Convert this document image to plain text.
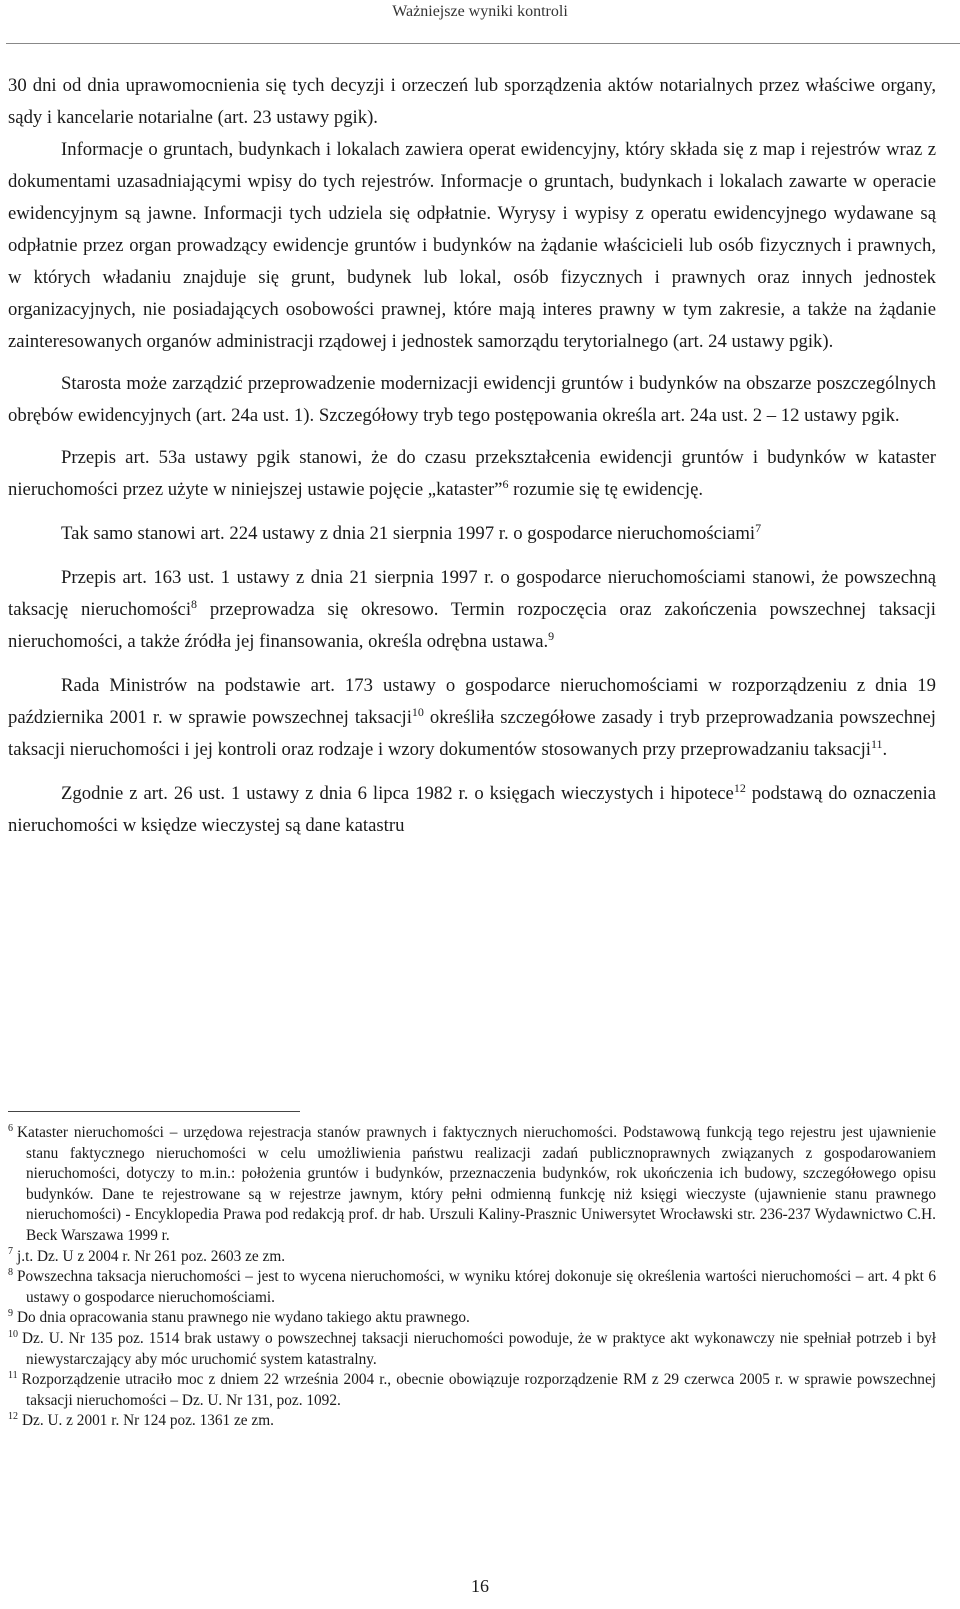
Ważniejsze wyniki kontroli

30 dni od dnia uprawomocnienia się tych decyzji i orzeczeń lub sporządzenia aktów notarialnych przez właściwe organy, sądy i kancelarie notarialne (art. 23 ustawy pgik).

Informacje o gruntach, budynkach i lokalach zawiera operat ewidencyjny, który składa się z map i rejestrów wraz z dokumentami uzasadniającymi wpisy do tych rejestrów. Informacje o gruntach, budynkach i lokalach zawarte w operacie ewidencyjnym są jawne. Informacji tych udziela się odpłatnie. Wyrysy i wypisy z operatu ewidencyjnego wydawane są odpłatnie przez organ prowadzący ewidencje gruntów i budynków na żądanie właścicieli lub osób fizycznych i prawnych, w których władaniu znajduje się grunt, budynek lub lokal, osób fizycznych i prawnych oraz innych jednostek organizacyjnych, nie posiadających osobowości prawnej, które mają interes prawny w tym zakresie, a także na żądanie zainteresowanych organów administracji rządowej i jednostek samorządu terytorialnego (art. 24 ustawy pgik).

Starosta może zarządzić przeprowadzenie modernizacji ewidencji gruntów i budynków na obszarze poszczególnych obrębów ewidencyjnych (art. 24a ust. 1). Szczegółowy tryb tego postępowania określa art. 24a ust. 2 – 12 ustawy pgik.

Przepis art. 53a ustawy pgik stanowi, że do czasu przekształcenia ewidencji gruntów i budynków w kataster nieruchomości przez użyte w niniejszej ustawie pojęcie „kataster”$^6$ rozumie się tę ewidencję.

Tak samo stanowi art. 224 ustawy z dnia 21 sierpnia 1997 r. o gospodarce nieruchomościami$^7$

Przepis art. 163 ust. 1 ustawy z dnia 21 sierpnia 1997 r. o gospodarce nieruchomościami stanowi, że powszechną taksację nieruchomości$^8$ przeprowadza się okresowo. Termin rozpoczęcia oraz zakończenia powszechnej taksacji nieruchomości, a także źródła jej finansowania, określa odrębna ustawa.$^9$

Rada Ministrów na podstawie art. 173 ustawy o gospodarce nieruchomościami w rozporządzeniu z dnia 19 października 2001 r. w sprawie powszechnej taksacji$^{10}$ określiła szczegółowe zasady i tryb przeprowadzania powszechnej taksacji nieruchomości i jej kontroli oraz rodzaje i wzory dokumentów stosowanych przy przeprowadzaniu taksacji$^{11}$.

Zgodnie z art. 26 ust. 1 ustawy z dnia 6 lipca 1982 r. o księgach wieczystych i hipotece$^{12}$ podstawą do oznaczenia nieruchomości w księdze wieczystej są dane katastru

$^6$ Kataster nieruchomości – urzędowa rejestracja stanów prawnych i faktycznych nieruchomości. Podstawową funkcją tego rejestru jest ujawnienie stanu faktycznego nieruchomości w celu umożliwienia państwu realizacji zadań publicznoprawnych związanych z gospodarowaniem nieruchomości, dotyczy to m.in.: położenia gruntów i budynków, przeznaczenia budynków, rok ukończenia ich budowy, szczegółowego opisu budynków. Dane te rejestrowane są w rejestrze jawnym, który pełni odmienną funkcję niż księgi wieczyste (ujawnienie stanu prawnego nieruchomości) - Encyklopedia Prawa pod redakcją prof. dr hab. Urszuli Kaliny-Prasznic Uniwersytet Wrocławski str. 236-237 Wydawnictwo C.H. Beck Warszawa 1999 r.

$^7$ j.t. Dz. U z 2004 r. Nr 261 poz. 2603 ze zm.

$^8$ Powszechna taksacja nieruchomości – jest to wycena nieruchomości, w wyniku której dokonuje się określenia wartości nieruchomości – art. 4 pkt 6 ustawy o gospodarce nieruchomościami.

$^9$ Do dnia opracowania stanu prawnego nie wydano takiego aktu prawnego.

$^{10}$ Dz. U. Nr 135 poz. 1514 brak ustawy o powszechnej taksacji nieruchomości powoduje, że w praktyce akt wykonawczy nie spełniał potrzeb i był niewystarczający aby móc uruchomić system katastralny.

$^{11}$ Rozporządzenie utraciło moc z dniem 22 września 2004 r., obecnie obowiązuje rozporządzenie RM z 29 czerwca 2005 r. w sprawie powszechnej taksacji nieruchomości – Dz. U. Nr 131, poz. 1092.

$^{12}$ Dz. U. z 2001 r. Nr 124 poz. 1361 ze zm.

16
